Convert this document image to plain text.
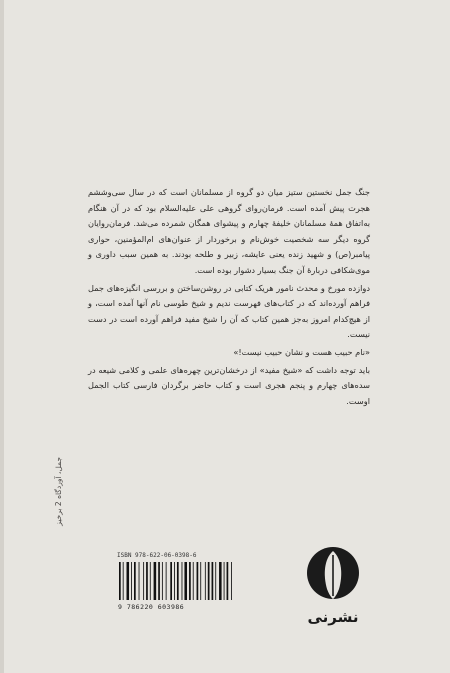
جنگ جمل نخستین ستیز میان دو گروه از مسلمانان است که در سال سی‌وششم هجرت پیش آمده است. فرمان‌روای گروهی علی علیه‌السلام بود که در آن هنگام به‌اتفاق همهٔ مسلمانان خلیفهٔ چهارم و پیشوای همگان شمرده می‌شد. فرمان‌روایان گروه دیگر سه شخصیت خوش‌نام و برخوردار از عنوان‌های ام‌المؤمنین، حواری پیامبر(ص) و شهید زنده یعنی عایشه، زبیر و طلحه بودند. به همین سبب داوری و موی‌شکافی دربارهٔ آن جنگ بسیار دشوار بوده است.

دوازده مورخ و محدث نامور هریک کتابی در روشن‌ساختن و بررسی انگیزه‌های جمل فراهم آورده‌اند که در کتاب‌های فهرست ندیم و شیخ طوسی نام آنها آمده است، و از هیچ‌کدام امروز به‌جز همین کتاب که آن را شیخ مفید فراهم آورده است در دست نیست.

«نام حبیب هست و نشان حبیب نیست!»

باید توجه داشت که «شیخ مفید» از درخشان‌ترین چهره‌های علمی و کلامی شیعه در سده‌های چهارم و پنجم هجری است و کتاب حاضر برگردان فارسی کتاب الجمل اوست.

جمل، آوردگاه 2 برخیز
ISBN 978-622-06-0398-6
9 786220 603986
نشرنی
